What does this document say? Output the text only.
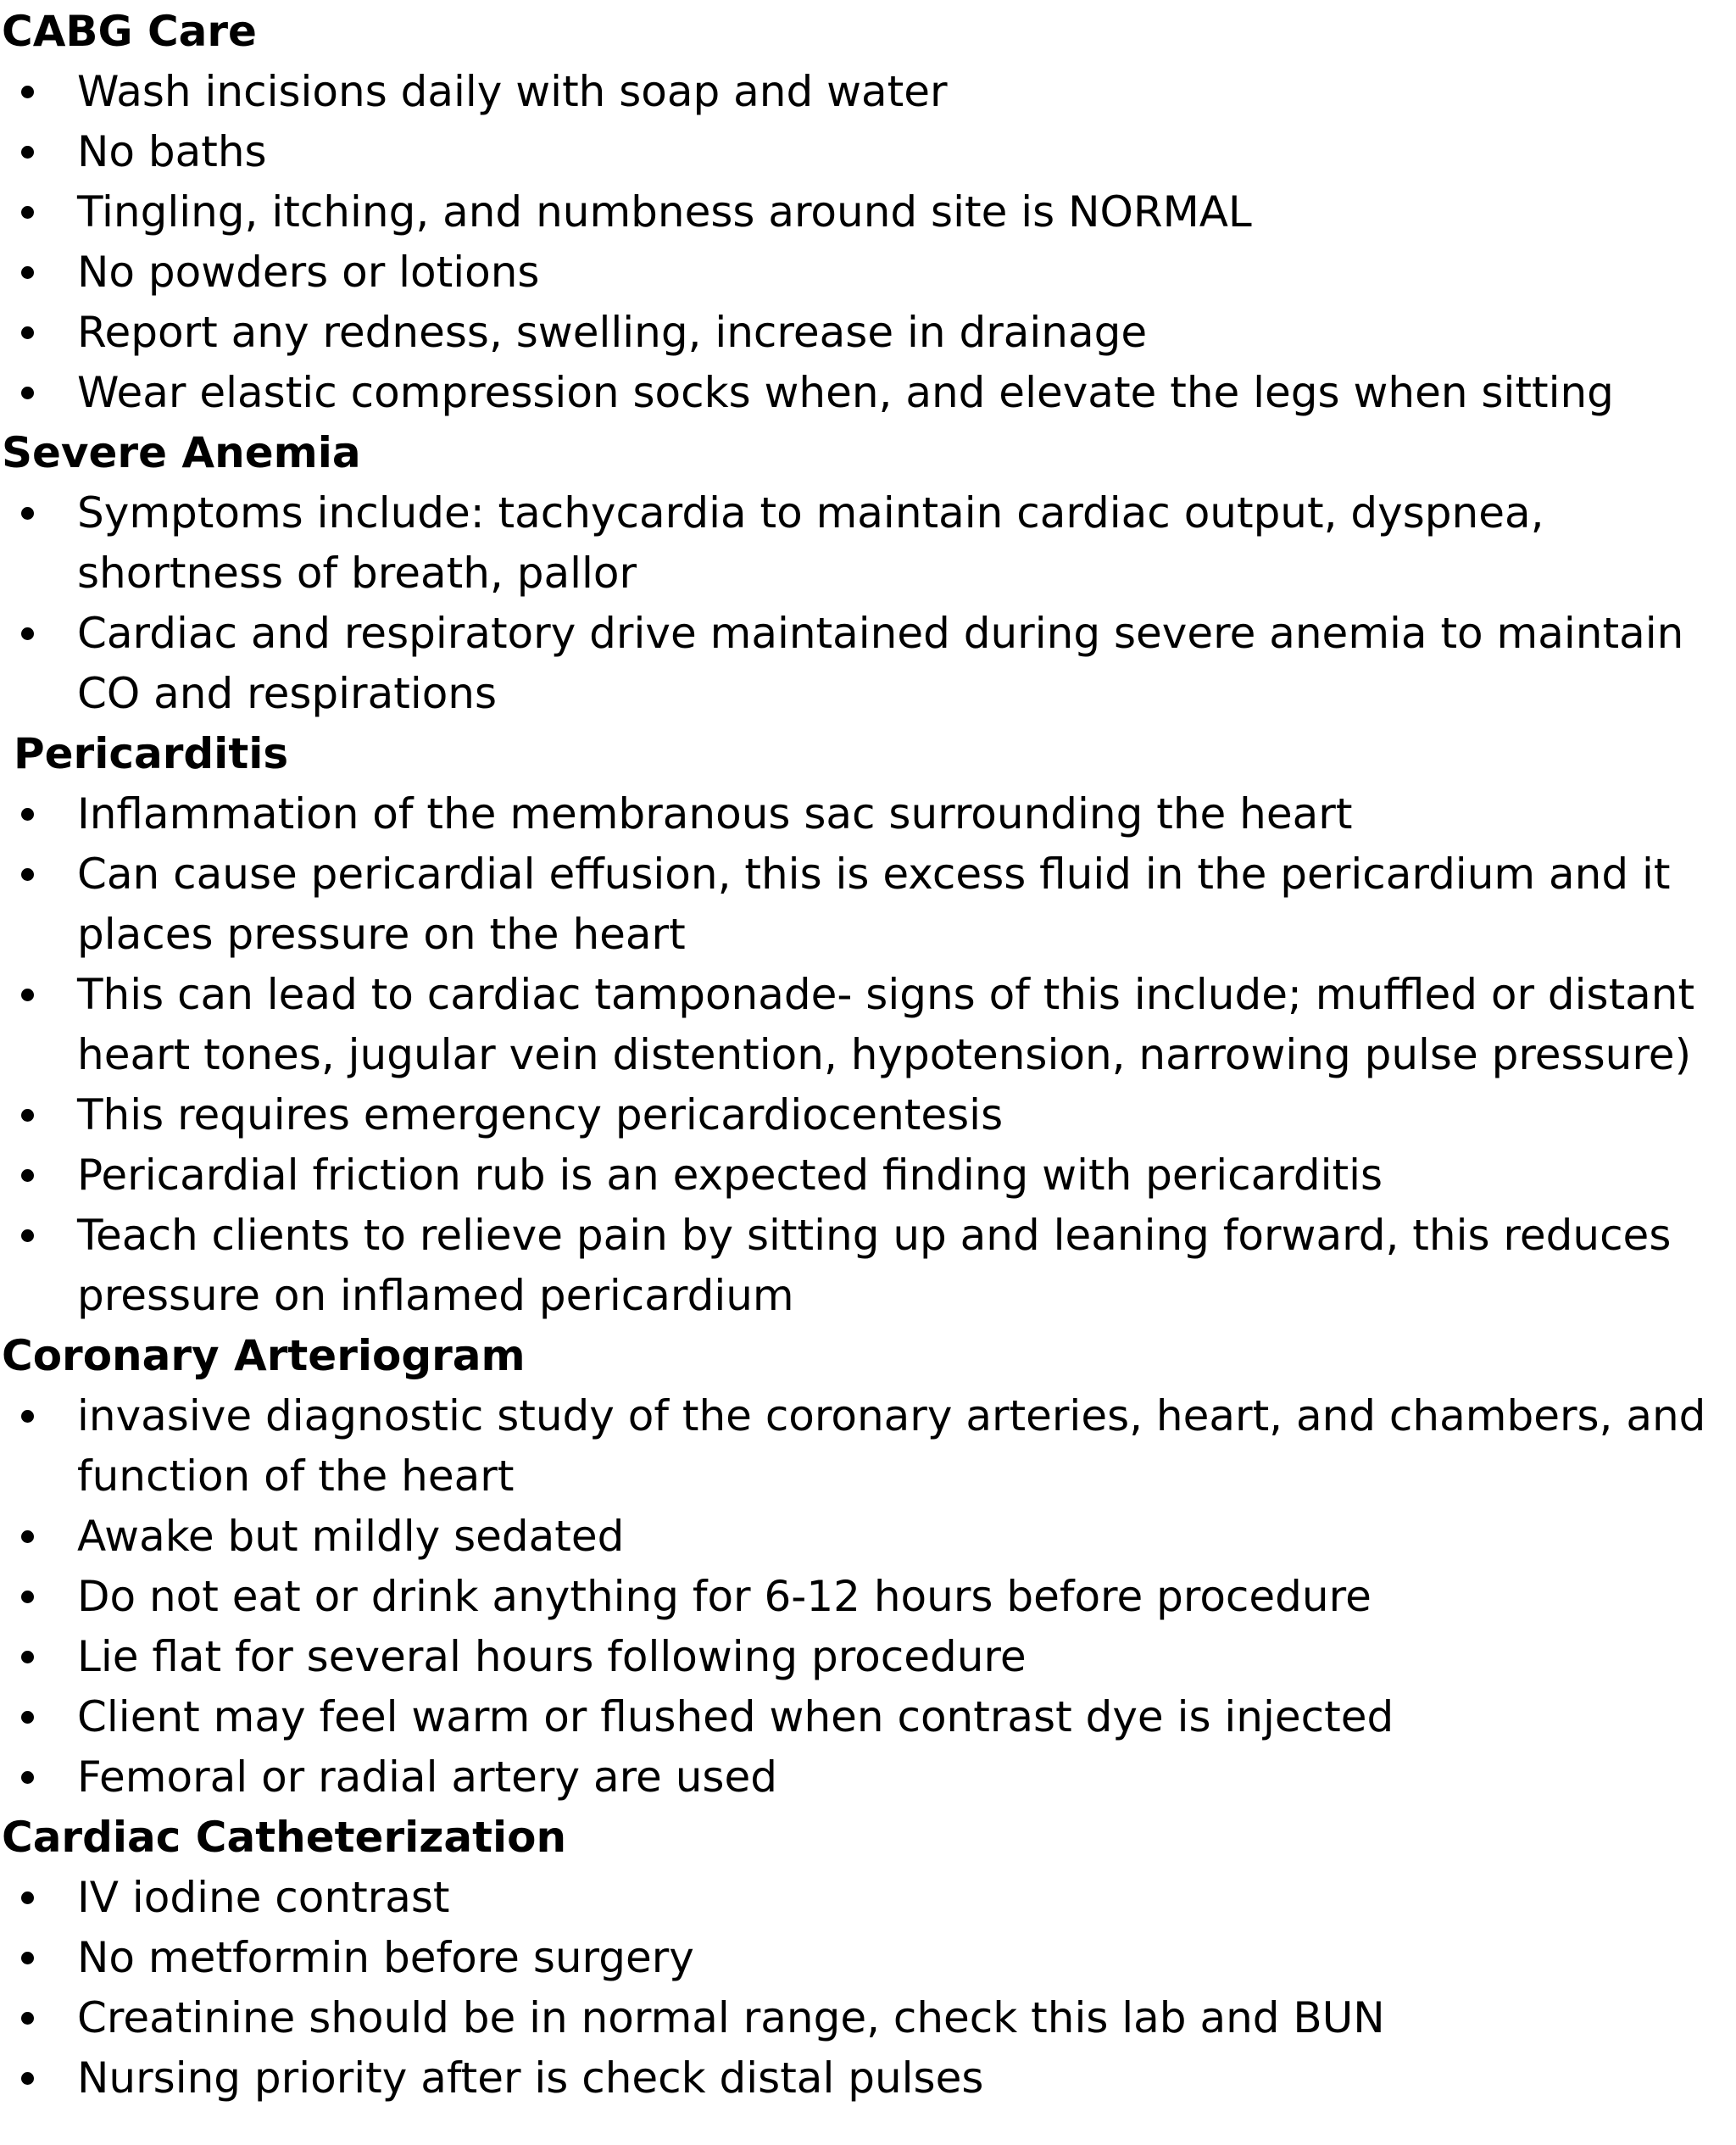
CABG Care
Wash incisions daily with soap and water
No baths
Tingling, itching, and numbness around site is NORMAL
No powders or lotions
Report any redness, swelling, increase in drainage
Wear elastic compression socks when, and elevate the legs when sitting
Severe Anemia
Symptoms include: tachycardia to maintain cardiac output, dyspnea, shortness of breath, pallor
Cardiac and respiratory drive maintained during severe anemia to maintain CO and respirations
Pericarditis
Inflammation of the membranous sac surrounding the heart
Can cause pericardial effusion, this is excess fluid in the pericardium and it places pressure on the heart
This can lead to cardiac tamponade- signs of this include; muffled or distant heart tones, jugular vein distention, hypotension, narrowing pulse pressure)
This requires emergency pericardiocentesis
Pericardial friction rub is an expected finding with pericarditis
Teach clients to relieve pain by sitting up and leaning forward, this reduces pressure on inflamed pericardium
Coronary Arteriogram
invasive diagnostic study of the coronary arteries, heart, and chambers, and function of the heart
Awake but mildly sedated
Do not eat or drink anything for 6-12 hours before procedure
Lie flat for several hours following procedure
Client may feel warm or flushed when contrast dye is injected
Femoral or radial artery are used
Cardiac Catheterization
IV iodine contrast
No metformin before surgery
Creatinine should be in normal range, check this lab and BUN
Nursing priority after is check distal pulses
